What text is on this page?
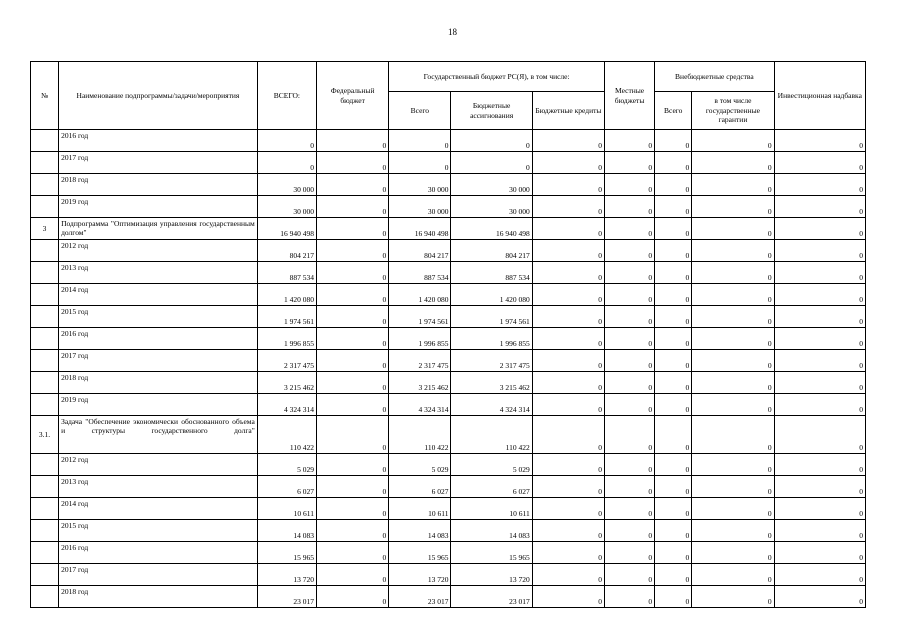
18
№	Наименование подпрограммы/задачи/мероприятия	ВСЕГО:	Федеральный бюджет	Государственный бюджет РС(Я), в том числе:			Местные бюджеты	Внебюджетные средства		Инвестиционная надбавка
				Всего	Бюджетные ассигнования	Бюджетные кредиты		Всего	в том числе государственные гарантии	
	2016 год	0	0	0	0	0	0	0	0	0
	2017 год	0	0	0	0	0	0	0	0	0
	2018 год	30 000	0	30 000	30 000	0	0	0	0	0
	2019 год	30 000	0	30 000	30 000	0	0	0	0	0
3	Подпрограмма "Оптимизация управления государственным долгом"	16 940 498	0	16 940 498	16 940 498	0	0	0	0	0
	2012 год	804 217	0	804 217	804 217	0	0	0	0	0
	2013 год	887 534	0	887 534	887 534	0	0	0	0	0
	2014 год	1 420 080	0	1 420 080	1 420 080	0	0	0	0	0
	2015 год	1 974 561	0	1 974 561	1 974 561	0	0	0	0	0
	2016 год	1 996 855	0	1 996 855	1 996 855	0	0	0	0	0
	2017 год	2 317 475	0	2 317 475	2 317 475	0	0	0	0	0
	2018 год	3 215 462	0	3 215 462	3 215 462	0	0	0	0	0
	2019 год	4 324 314	0	4 324 314	4 324 314	0	0	0	0	0
3.1.	Задача "Обеспечение экономически обоснованного объема и структуры государственного долга"	110 422	0	110 422	110 422	0	0	0	0	0
	2012 год	5 029	0	5 029	5 029	0	0	0	0	0
	2013 год	6 027	0	6 027	6 027	0	0	0	0	0
	2014 год	10 611	0	10 611	10 611	0	0	0	0	0
	2015 год	14 083	0	14 083	14 083	0	0	0	0	0
	2016 год	15 965	0	15 965	15 965	0	0	0	0	0
	2017 год	13 720	0	13 720	13 720	0	0	0	0	0
	2018 год	23 017	0	23 017	23 017	0	0	0	0	0
